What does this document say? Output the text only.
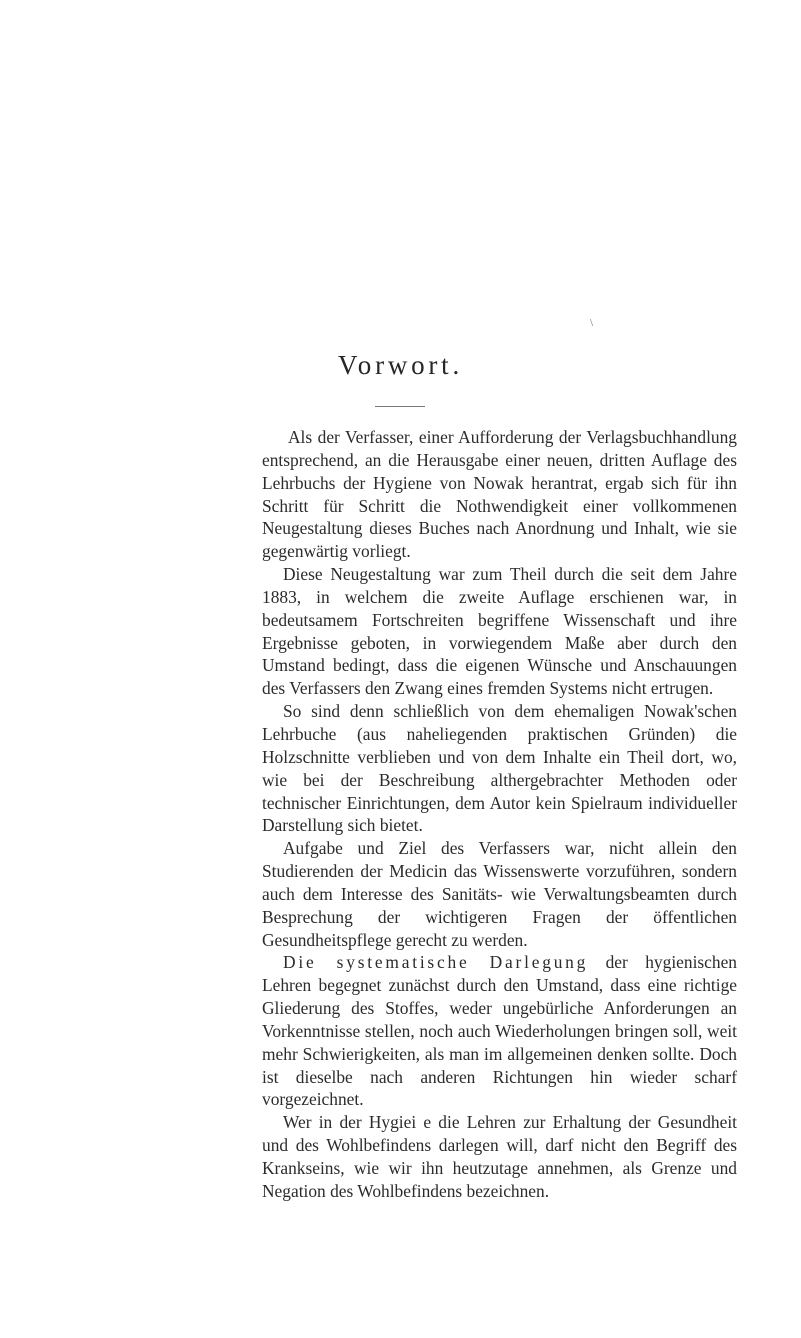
\
Vorwort.

Als der Verfasser, einer Aufforderung der Verlagsbuchhandlung entsprechend, an die Herausgabe einer neuen, dritten Auflage des Lehrbuchs der Hygiene von Nowak herantrat, ergab sich für ihn Schritt für Schritt die Nothwendigkeit einer vollkommenen Neugestaltung dieses Buches nach Anordnung und Inhalt, wie sie gegenwärtig vorliegt.

Diese Neugestaltung war zum Theil durch die seit dem Jahre 1883, in welchem die zweite Auflage erschienen war, in bedeutsamem Fortschreiten begriffene Wissenschaft und ihre Ergebnisse geboten, in vorwiegendem Maße aber durch den Umstand bedingt, dass die eigenen Wünsche und Anschauungen des Verfassers den Zwang eines fremden Systems nicht ertrugen.

So sind denn schließlich von dem ehemaligen Nowak'schen Lehrbuche (aus naheliegenden praktischen Gründen) die Holzschnitte verblieben und von dem Inhalte ein Theil dort, wo, wie bei der Beschreibung althergebrachter Methoden oder technischer Einrichtungen, dem Autor kein Spielraum individueller Darstellung sich bietet.

Aufgabe und Ziel des Verfassers war, nicht allein den Studierenden der Medicin das Wissenswerte vorzuführen, sondern auch dem Interesse des Sanitäts- wie Verwaltungsbeamten durch Besprechung der wichtigeren Fragen der öffentlichen Gesundheitspflege gerecht zu werden.

Die systematische Darlegung der hygienischen Lehren begegnet zunächst durch den Umstand, dass eine richtige Gliederung des Stoffes, weder ungebürliche Anforderungen an Vorkenntnisse stellen, noch auch Wiederholungen bringen soll, weit mehr Schwierigkeiten, als man im allgemeinen denken sollte. Doch ist dieselbe nach anderen Richtungen hin wieder scharf vorgezeichnet.

Wer in der Hygiei e die Lehren zur Erhaltung der Gesundheit und des Wohlbefindens darlegen will, darf nicht den Begriff des Krankseins, wie wir ihn heutzutage annehmen, als Grenze und Negation des Wohlbefindens bezeichnen.
